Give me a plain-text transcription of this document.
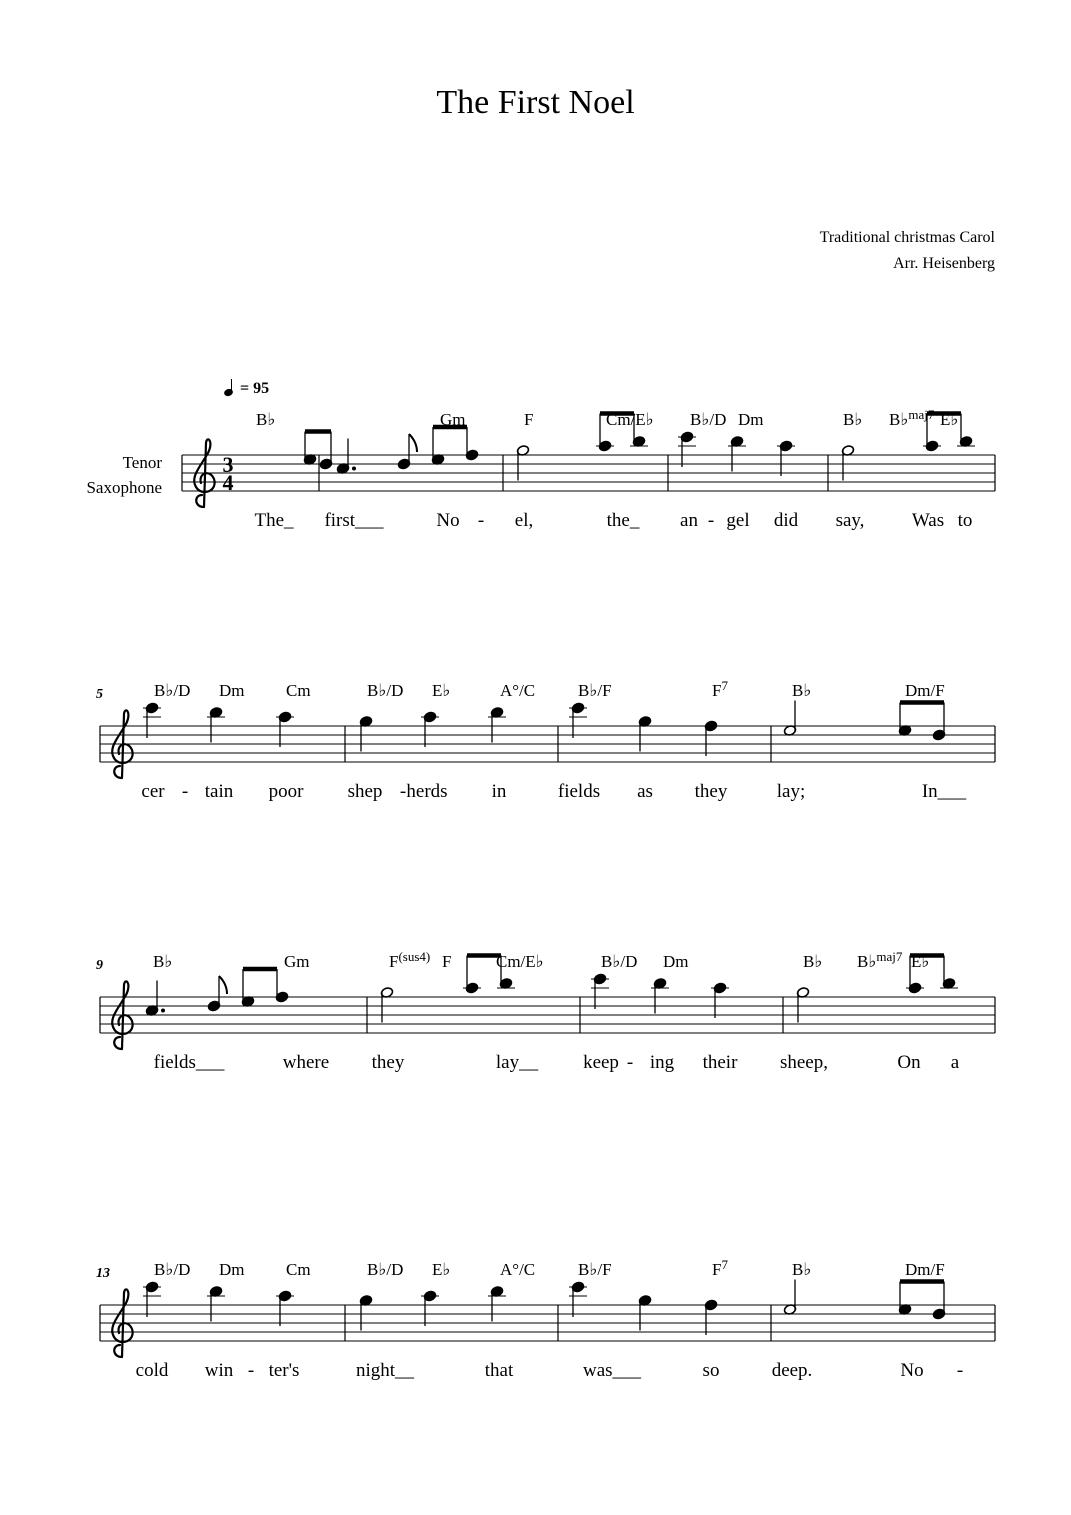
The First Noel
Traditional christmas Carol
Arr. Heisenberg
Tenor
Saxophone
= 95
3
4
B♭	Gm	F	Cm/E♭ B♭/D Dm	B♭ B♭$^{maj7}$ E♭
The_ first___	No - el,	the_ an - gel did say, Was to
5	B♭/D Dm Cm	B♭/D E♭	A°/C	B♭/F	$F^7$	B♭	Dm/F
cer - tain poor shep - herds in	fields as they	lay;	In___
9	B♭	Gm	$F^{(sus4)}$ F	Cm/E♭	B♭/D Dm	B♭ B♭$^{maj7}$ E♭
fields___	where they	lay__ keep - ing their sheep,	On a
13	B♭/D Dm Cm	B♭/D E♭	A°/C	B♭/F	$F^7$	B♭	Dm/F
cold win - ter's	night__	that	was___	so	deep.	No -
